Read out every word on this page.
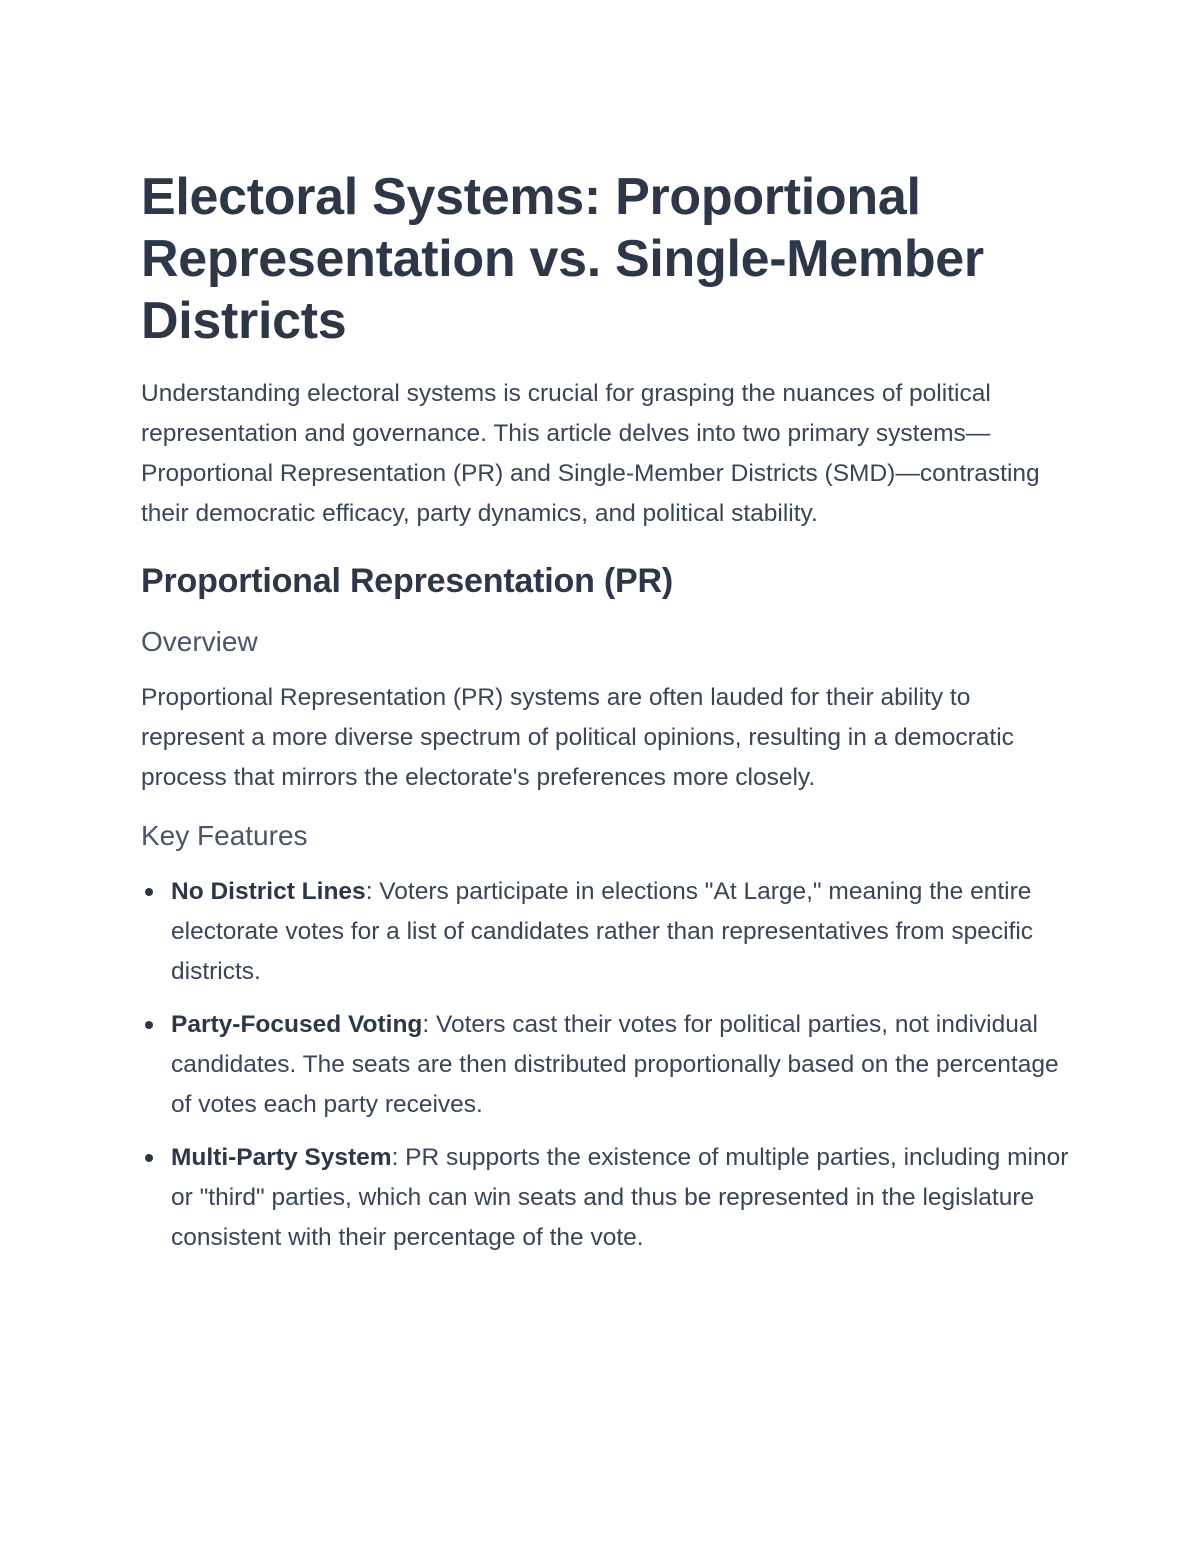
Electoral Systems: Proportional Representation vs. Single-Member Districts

Understanding electoral systems is crucial for grasping the nuances of political representation and governance. This article delves into two primary systems—Proportional Representation (PR) and Single-Member Districts (SMD)—contrasting their democratic efficacy, party dynamics, and political stability.

Proportional Representation (PR)
Overview

Proportional Representation (PR) systems are often lauded for their ability to represent a more diverse spectrum of political opinions, resulting in a democratic process that mirrors the electorate's preferences more closely.

Key Features
No District Lines: Voters participate in elections "At Large," meaning the entire electorate votes for a list of candidates rather than representatives from specific districts.
Party-Focused Voting: Voters cast their votes for political parties, not individual candidates. The seats are then distributed proportionally based on the percentage of votes each party receives.
Multi-Party System: PR supports the existence of multiple parties, including minor or "third" parties, which can win seats and thus be represented in the legislature consistent with their percentage of the vote.
